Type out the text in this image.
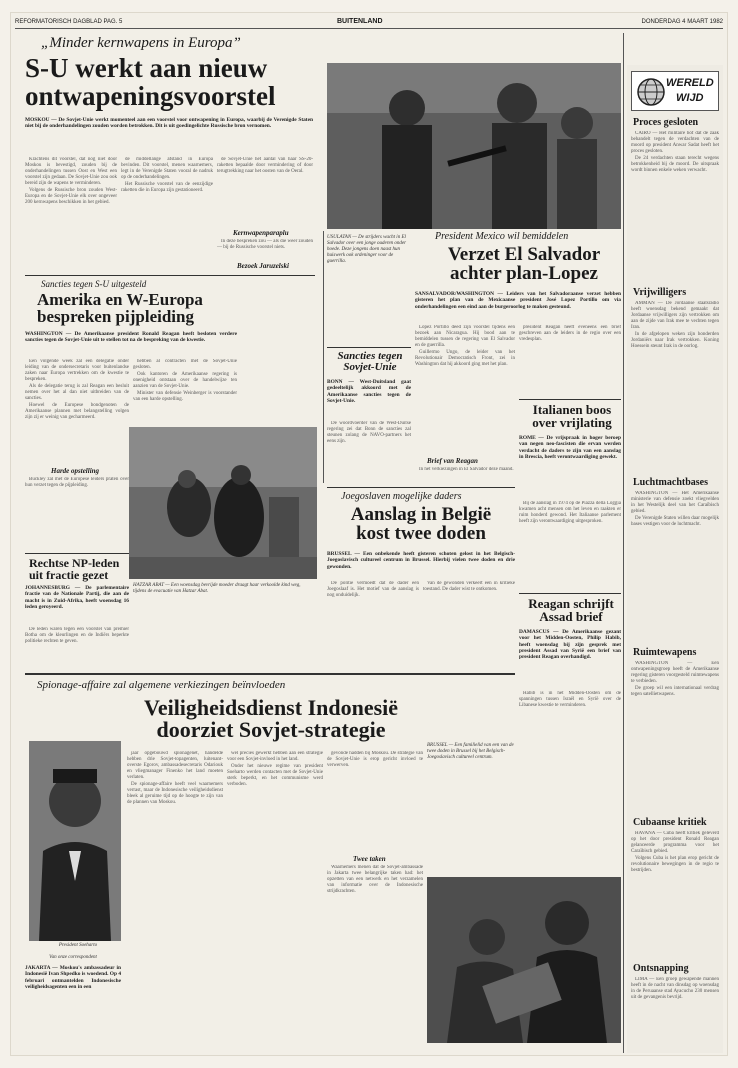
REFORMATORISCH DAGBLAD PAG. 5	BUITENLAND	DONDERDAG 4 MAART 1982
„Minder kernwapens in Europa”
S-U werkt aan nieuw
ontwapeningsvoorstel
MOSKOU — De Sovjet-Unie werkt momenteel aan een voorstel voor ontwapening in Europa, waarbij de Verenigde Staten niet bij de onderhandelingen zouden worden betrokken. Dit is uit goedingelichte Russische bron vernomen.

Krachtens dit voorstel, dat nog niet door Moskou is bevestigd, zouden bij de onderhandelingen tussen Oost en West een voorstel zijn gedaan. De Sovjet-Unie zou ook bereid zijn de wapens te verminderen.

Volgens de Russische bron zouden West-Europa en de Sovjet-Unie elk over ongeveer 200 kernwapens beschikken in het gebied.

de middellange afstand in Europa bevinden. Dit voorstel, menen waarnemers, legt in de Verenigde Staten vooral de nadruk op de onderhandelingen.

Het Russische voorstel van de eenzijdige raketten die in Europa zijn gestationeerd.

de Sovjet-Unie het aantal van haar SS-20-raketten bepaalde door vermindering of door terugtrekking naar het oosten van de Oeral.

Kernwapenparaplu

In deze bespreken zou — als die weer zouden — bij de Russische voorstel niets.

Bezoek Jaruzelski
Sancties tegen S-U uitgesteld
Amerika en W-Europa
bespreken pijpleiding
WASHINGTON — De Amerikaanse president Ronald Reagan heeft besloten verdere sancties tegen de Sovjet-Unie uit te stellen tot na de bespreking van de kwestie.

Een volgende week zal een delegatie onder leiding van de ondersecretaris voor buitenlandse zaken naar Europa vertrekken om de kwestie te bespreken.

Als de delegatie terug is zal Reagan een besluit nemen over het al dan niet uitbreiden van de sancties.

Hoewel de Europese bondgenoten de Amerikaanse plannen met belangstelling volgen zijn zij er weinig van gecharmeerd.

Harde opstelling

Buckley zal met de Europese leiders praten over hun verzet tegen de pijpleiding.

hebben al contracten met de Sovjet-Unie gesloten.

Ook kantoren de Amerikaanse regering is onenigheid ontstaan over de handelwijze ten aanzien van de Sovjet-Unie.

Minister van defensie Weinberger is voorstander van een harde opstelling.

Rechtse NP-leden
uit fractie gezet
JOHANNESBURG — De parlementaire fractie van de Nationale Partij, die aan de macht is in Zuid-Afrika, heeft woensdag 16 leden geroyeerd.

De leden waren tegen een voorstel van premier Botha om de kleurlingen en de Indiërs beperkte politieke rechten te geven.

HATZAR ABAT — Een woensdag bevrijde moeder draagt haar verkoolde kind weg, tijdens de evacuatie van Hatzar Abat.
USULATAN — De strijders wacht in El Salvador over een jonge ouderen onder hoede. Deze jongens doen naast hun huiswerk ook ordeninger voor de guerrilla.
President Mexico wil bemiddelen
Verzet El Salvador
achter plan-Lopez
SANSALVADOR/WASHINGTON — Leiders van het Salvadoraanse verzet hebben gisteren het plan van de Mexicaanse president José Lopez Portillo om via onderhandelingen een eind aan de burgeroorlog te maken gesteund.

Lopez Portillo deed zijn voorstel tijdens een bezoek aan Nicaragua. Hij bood aan te bemiddelen tussen de regering van El Salvador en de guerrilla.

Guillermo Ungo, de leider van het Revolutionair Democratisch Front, zei in Washington dat hij akkoord ging met het plan.

Brief van Reagan

In het verkiezingen in El Salvador deze maand.

president Reagan heeft eveneens een brief geschreven aan de leiders in de regio over een vredesplan.

Sancties tegen
Sovjet-Unie
BONN — West-Duitsland gaat gedeeltelijk akkoord met de Amerikaanse sancties tegen de Sovjet-Unie.

De woordvoerder van de West-Duitse regering zei dat Bonn de sancties zal steunen zolang de NAVO-partners het eens zijn.

Italianen boos
over vrijlating
ROME — De vrijspraak in hoger beroep van negen neo-fascisten die ervan werden verdacht de daders te zijn van een aanslag in Brescia, heeft verontwaardiging gewekt.

Bij de aanslag in 1974 op de Piazza della Loggia kwamen acht mensen om het leven en raakten er ruim honderd gewond. Het Italiaanse parlement heeft zijn verontwaardiging uitgesproken.

Joegoslaven mogelijke daders
Aanslag in België
kost twee doden
BRUSSEL — Een onbekende heeft gisteren schoten gelost in het Belgisch-Joegoslavisch cultureel centrum in Brussel. Hierbij vielen twee doden en drie gewonden.

De politie vermoedt dat de dader een Joegoslaaf is. Het motief van de aanslag is nog onduidelijk.

Van de gewonden verkeert een in kritieke toestand. De dader wist te ontkomen.

Reagan schrijft
Assad brief
DAMASCUS — De Amerikaanse gezant voor het Midden-Oosten, Philip Habib, heeft woensdag bij zijn gesprek met president Assad van Syrië een brief van president Reagan overhandigd.

Habib is in het Midden-Oosten om de spanningen tussen Israël en Syrië over de Libanese kwestie te verminderen.

Spionage-affaire zal algemene verkiezingen beïnvloeden
Veiligheidsdienst Indonesië
doorziet Sovjet-strategie
President Soeharto
Van onze correspondent
JAKARTA — Moskou's ambassadeur in Indonesië Ivan Shpedko is woedend. Op 4 februari ontmantelden Indonesische veiligheidsagenten een in een

jaar opgebouwd spionagenet, handelde hebben drie Sovjet-topagenten, luitenant-overste Egorov, ambassadesecretaris Odariouk en vliegmanager Finenko het land moeten verlaten.

De spionage-affaire heeft veel waarnemers verrast, maar de Indonesische veiligheidsdienst bleek al geruime tijd op de hoogte te zijn van de plannen van Moskou.

wel precies gewerkt hebben aan een strategie voor een Sovjet-invloed in het land.

Onder het nieuwe regime van president Soeharto werden contacten met de Sovjet-Unie sterk beperkt, en het communisme werd verboden.

gevonde hadden bij Moskou. De strategie van de Sovjet-Unie is erop gericht invloed te verwerven.

Twee taken

Waarnemers menen dat de Sovjet-ambassade in Jakarta twee belangrijke taken had: het opzetten van een netwerk en het verzamelen van informatie over de Indonesische strijdkrachten.

BRUSSEL — Een familielid van een van de twee doden in Brussel bij het Belgisch-Joegoslavisch cultureel centrum.
WERELD
WIJD
Proces gesloten

CAIRO — Het militaire hof dat de zaak behandelt tegen de verdachten van de moord op president Anwar Sadat heeft het proces gesloten.

De 24 verdachten staan terecht wegens betrokkenheid bij de moord. De uitspraak wordt binnen enkele weken verwacht.

Vrijwilligers

AMMAN — De Jordaanse staatsradio heeft woensdag bekend gemaakt dat Jordaanse vrijwilligers zijn vertrokken om aan de zijde van Irak mee te vechten tegen Iran.

In de afgelopen weken zijn honderden Jordaniërs naar Irak vertrokken. Koning Hoessein steunt Irak in de oorlog.

Luchtmachtbases

WASHINGTON — Het Amerikaanse ministerie van defensie zoekt vliegvelden in het Westelijk deel van het Caraïbisch gebied.

De Verenigde Staten willen daar mogelijk bases vestigen voor de luchtmacht.

Ruimtewapens

WASHINGTON — Een ontwapeningsgroep heeft de Amerikaanse regering gisteren voorgesteld ruimtewapens te verbieden.

De groep wil een internationaal verdrag tegen satellietwapens.

Cubaanse kritiek

HAVANA — Cuba heeft kritiek geleverd op het door president Ronald Reagan gelanceerde programma voor het Caraïbisch gebied.

Volgens Cuba is het plan erop gericht de revolutionaire bewegingen in de regio te bestrijden.

Ontsnapping

LIMA — Een groep gewapende mannen heeft in de nacht van dinsdag op woensdag in de Peruaanse stad Ayacucho 230 mensen uit de gevangenis bevrijd.
